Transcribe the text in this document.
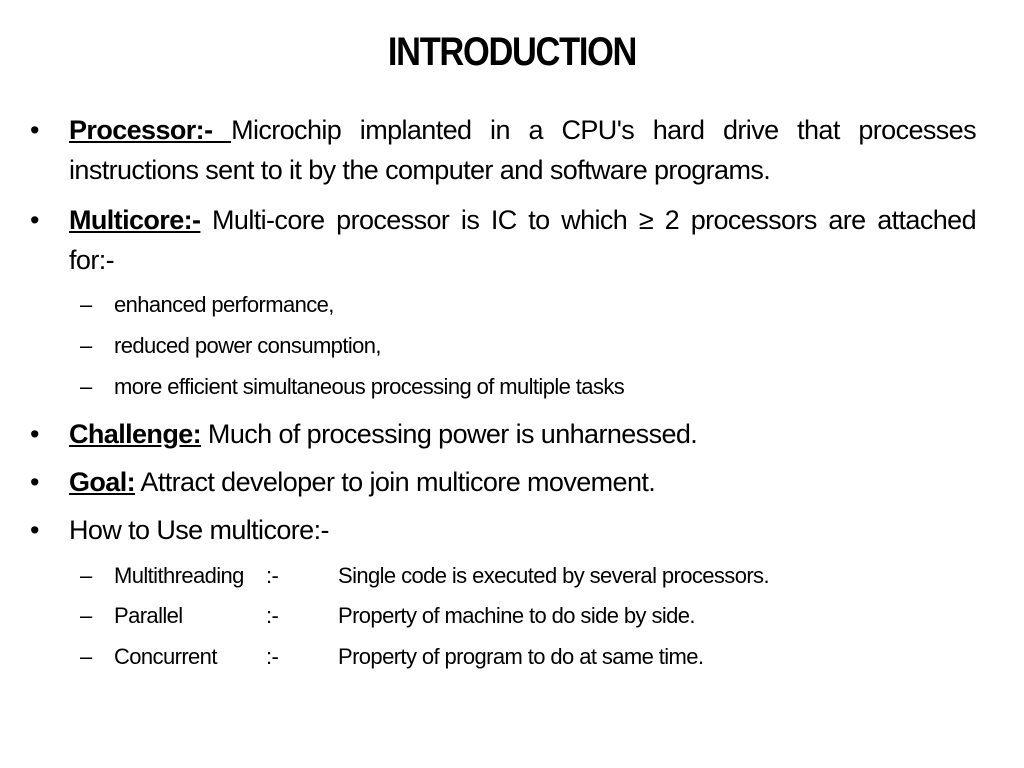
INTRODUCTION
•	Processor:- Microchip implanted in a CPU's hard drive that processes instructions sent to it by the computer and software programs.
•	Multicore:- Multi-core processor is IC to which ≥ 2 processors are attached for:-
– enhanced performance,
– reduced power consumption,
– more efficient simultaneous processing of multiple tasks
•	Challenge: Much of processing power is unharnessed.
•	Goal: Attract developer to join multicore movement.
•	How to Use multicore:-
– Multithreading :-	Single code is executed by several processors.
– Parallel	:-	Property of machine to do side by side.
– Concurrent :-	Property of program to do at same time.
